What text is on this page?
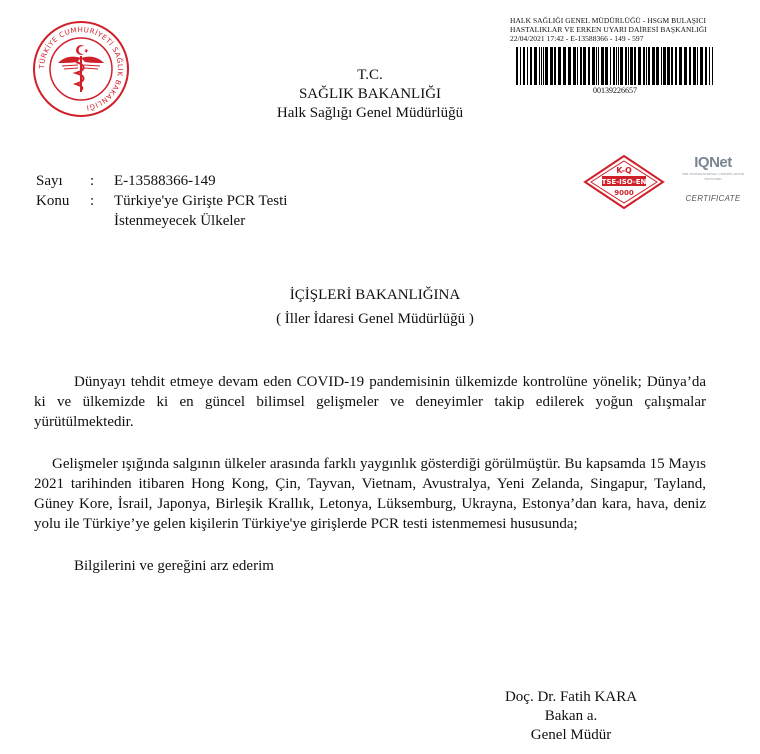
TÜRKİYE CUMHURİYETİ SAĞLIK BAKANLIĞI
T.C.
SAĞLIK BAKANLIĞI
Halk Sağlığı Genel Müdürlüğü
HALK SAĞLIĞI GENEL MÜDÜRLÜĞÜ - HSGM BULAŞICI
HASTALIKLAR VE ERKEN UYARI DAİRESİ BAŞKANLIĞI
22/04/2021 17:42 - E-13588366 - 149 - 597
00139226657
K-Q
TSE-ISO-EN
9000
IQNet
THE INTERNATIONAL CERTIFICATION NETWORK
CERTIFICATE
Sayı	:	E-13588366-149
Konu	:	Türkiye'ye Girişte PCR Testi
İstenmeyecek Ülkeler
İÇİŞLERİ BAKANLIĞINA
( İller İdaresi Genel Müdürlüğü )

Dünyayı tehdit etmeye devam eden COVID-19 pandemisinin ülkemizde kontrolüne yönelik; Dünya’da ki ve ülkemizde ki en güncel bilimsel gelişmeler ve deneyimler takip edilerek yoğun çalışmalar yürütülmektedir.

Gelişmeler ışığında salgının ülkeler arasında farklı yaygınlık gösterdiği görülmüştür. Bu kapsamda 15 Mayıs 2021 tarihinden itibaren Hong Kong, Çin, Tayvan, Vietnam, Avustralya, Yeni Zelanda, Singapur, Tayland, Güney Kore, İsrail, Japonya, Birleşik Krallık, Letonya, Lüksemburg, Ukrayna, Estonya’dan kara, hava, deniz yolu ile Türkiye’ye gelen kişilerin Türkiye'ye girişlerde PCR testi istenmemesi hususunda;

Bilgilerini ve gereğini arz ederim

Doç. Dr. Fatih KARA
Bakan a.
Genel Müdür
